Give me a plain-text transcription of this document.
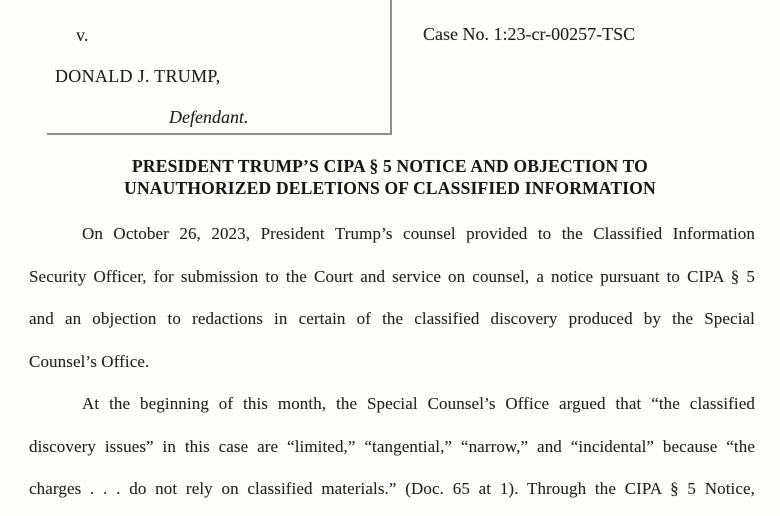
v.
DONALD J. TRUMP,
Defendant.
Case No. 1:23-cr-00257-TSC
PRESIDENT TRUMP’S CIPA § 5 NOTICE AND OBJECTION TO
UNAUTHORIZED DELETIONS OF CLASSIFIED INFORMATION
On October 26, 2023, President Trump’s counsel provided to the Classified Information
Security Officer, for submission to the Court and service on counsel, a notice pursuant to CIPA § 5
and an objection to redactions in certain of the classified discovery produced by the Special
Counsel’s Office.
At the beginning of this month, the Special Counsel’s Office argued that “the classified
discovery issues” in this case are “limited,” “tangential,” “narrow,” and “incidental” because “the
charges . . . do not rely on classified materials.” (Doc. 65 at 1). Through the CIPA § 5 Notice,
